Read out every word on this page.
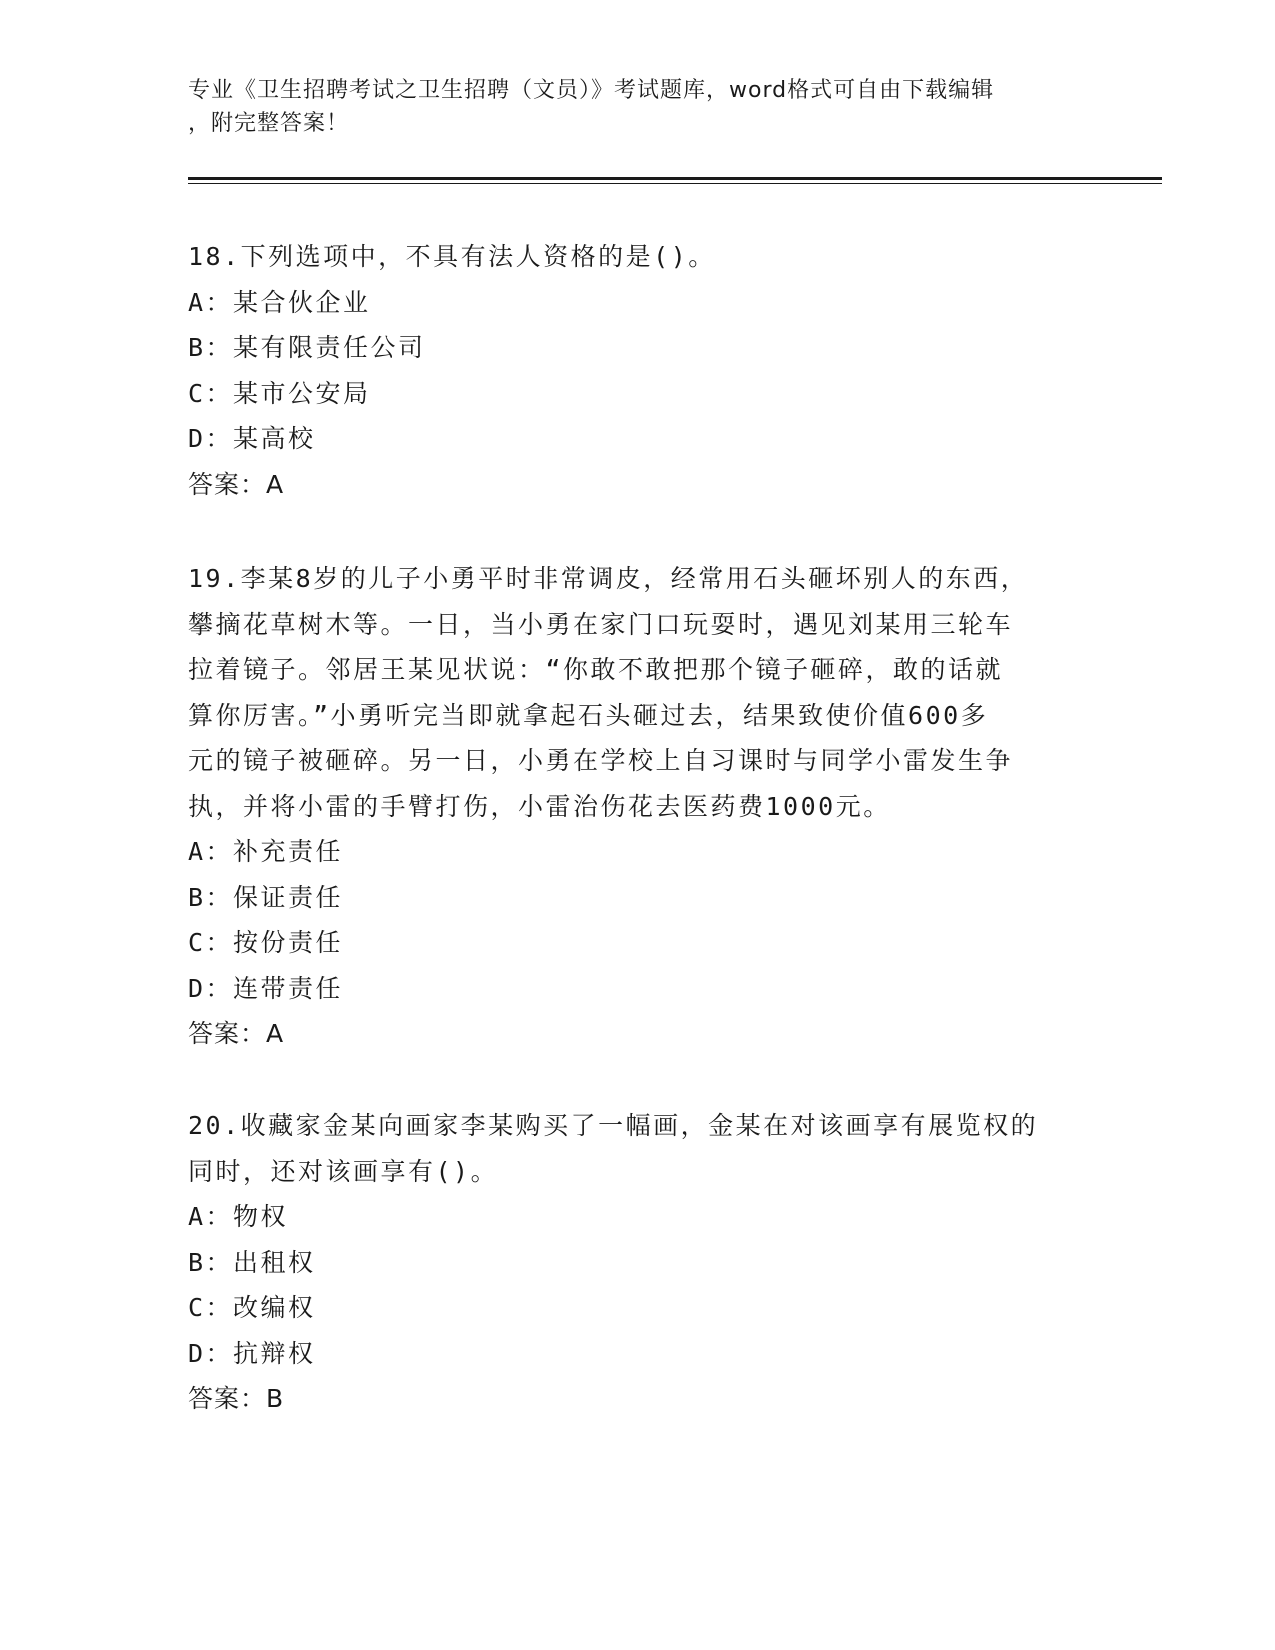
专业《卫生招聘考试之卫生招聘（文员）》考试题库，word格式可自由下载编辑
，附完整答案！

18.下列选项中，不具有法人资格的是()。

A：某合伙企业

B：某有限责任公司

C：某市公安局

D：某高校

答案：A

19.李某8岁的儿子小勇平时非常调皮，经常用石头砸坏别人的东西，

攀摘花草树木等。一日，当小勇在家门口玩耍时，遇见刘某用三轮车

拉着镜子。邻居王某见状说：“你敢不敢把那个镜子砸碎，敢的话就

算你厉害。”小勇听完当即就拿起石头砸过去，结果致使价值600多

元的镜子被砸碎。另一日，小勇在学校上自习课时与同学小雷发生争

执，并将小雷的手臂打伤，小雷治伤花去医药费1000元。

A：补充责任

B：保证责任

C：按份责任

D：连带责任

答案：A

20.收藏家金某向画家李某购买了一幅画，金某在对该画享有展览权的

同时，还对该画享有()。

A：物权

B：出租权

C：改编权

D：抗辩权

答案：B
